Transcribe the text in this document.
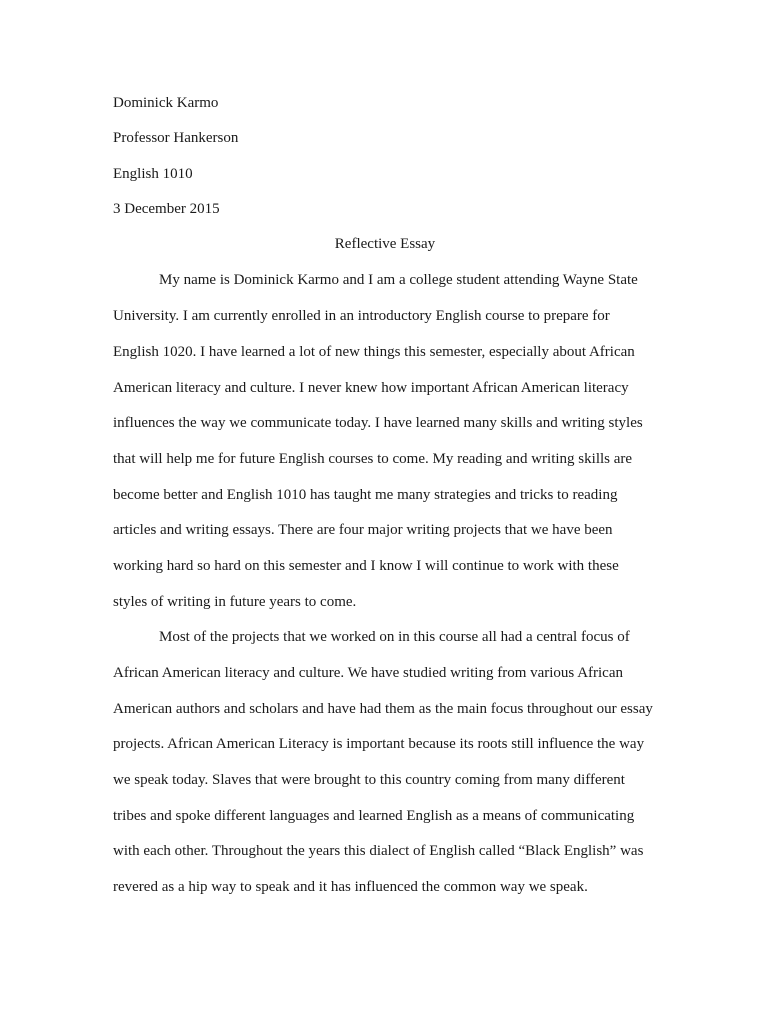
Dominick Karmo
Professor Hankerson
English 1010
3 December 2015
Reflective Essay
My name is Dominick Karmo and I am a college student attending Wayne State
University. I am currently enrolled in an introductory English course to prepare for
English 1020. I have learned a lot of new things this semester, especially about African
American literacy and culture. I never knew how important African American literacy
influences the way we communicate today. I have learned many skills and writing styles
that will help me for future English courses to come. My reading and writing skills are
become better and English 1010 has taught me many strategies and tricks to reading
articles and writing essays. There are four major writing projects that we have been
working hard so hard on this semester and I know I will continue to work with these
styles of writing in future years to come.
Most of the projects that we worked on in this course all had a central focus of
African American literacy and culture. We have studied writing from various African
American authors and scholars and have had them as the main focus throughout our essay
projects. African American Literacy is important because its roots still influence the way
we speak today. Slaves that were brought to this country coming from many different
tribes and spoke different languages and learned English as a means of communicating
with each other. Throughout the years this dialect of English called “Black English” was
revered as a hip way to speak and it has influenced the common way we speak.
